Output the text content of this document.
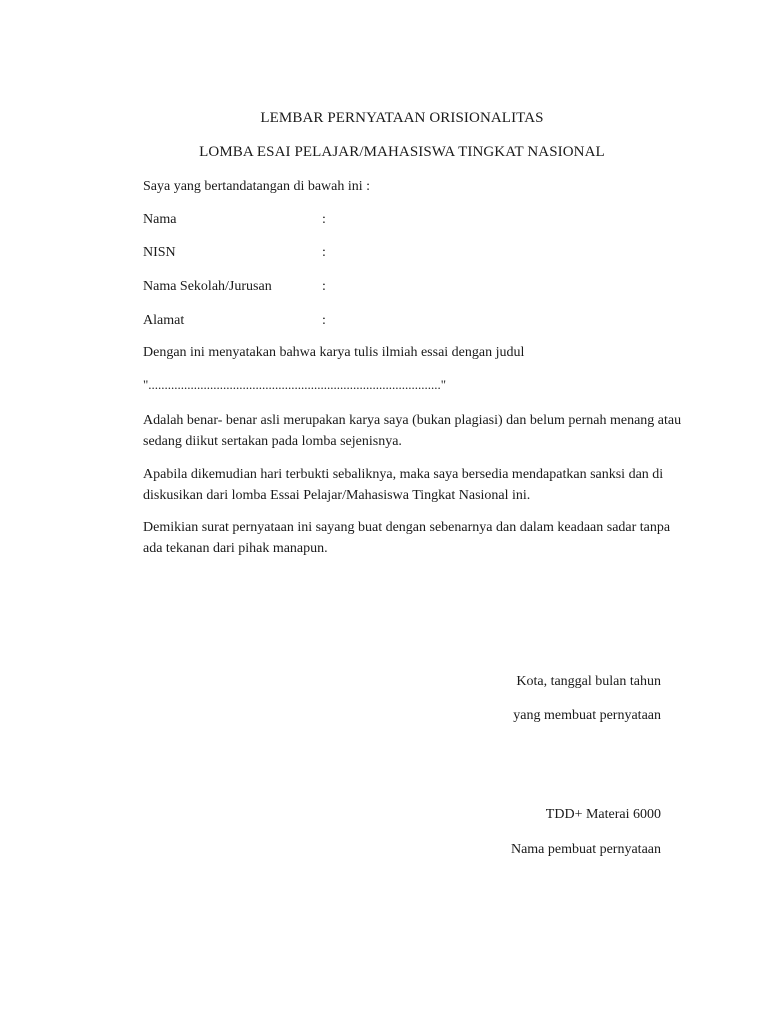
LEMBAR PERNYATAAN ORISIONALITAS
LOMBA ESAI PELAJAR/MAHASISWA TINGKAT NASIONAL
Saya yang bertandatangan di bawah ini :
Nama	:
NISN	:
Nama Sekolah/Jurusan	:
Alamat	:
Dengan ini menyatakan bahwa karya tulis ilmiah essai dengan judul
".........................................................................................."
Adalah benar- benar asli merupakan karya saya (bukan plagiasi) dan belum pernah menang atau sedang diikut sertakan pada lomba sejenisnya.
Apabila dikemudian hari terbukti sebaliknya, maka saya bersedia mendapatkan sanksi dan di diskusikan dari lomba Essai Pelajar/Mahasiswa Tingkat Nasional ini.
Demikian surat pernyataan ini sayang buat dengan sebenarnya dan dalam keadaan sadar tanpa ada tekanan dari pihak manapun.
Kota, tanggal bulan tahun
yang membuat pernyataan
TDD+ Materai 6000
Nama pembuat pernyataan
